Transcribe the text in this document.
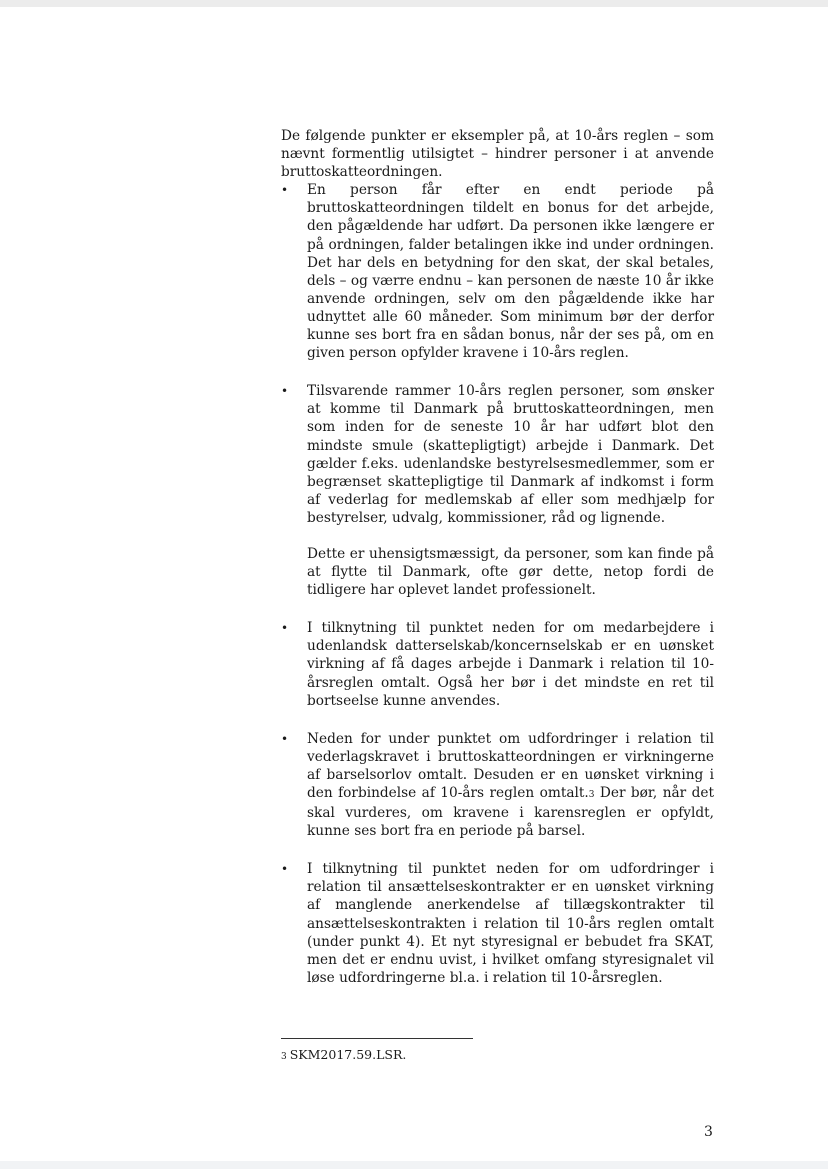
De følgende punkter er eksempler på, at 10-års reglen – som nævnt formentlig utilsigtet – hindrer personer i at anvende bruttoskatteordningen.

•	En person får efter en endt periode på bruttoskatteordningen tildelt en bonus for det arbejde, den pågældende har udført. Da personen ikke længere er på ordningen, falder betalingen ikke ind under ordningen. Det har dels en betydning for den skat, der skal betales, dels – og værre endnu – kan personen de næste 10 år ikke anvende ordningen, selv om den pågældende ikke har udnyttet alle 60 måneder. Som minimum bør der derfor kunne ses bort fra en sådan bonus, når der ses på, om en given person opfylder kravene i 10-års reglen.

•	Tilsvarende rammer 10-års reglen personer, som ønsker at komme til Danmark på bruttoskatteordningen, men som inden for de seneste 10 år har udført blot den mindste smule (skattepligtigt) arbejde i Danmark. Det gælder f.eks. udenlandske bestyrelsesmedlemmer, som er begrænset skattepligtige til Danmark af indkomst i form af vederlag for medlemskab af eller som medhjælp for bestyrelser, udvalg, kommissioner, råd og lignende.

Dette er uhensigtsmæssigt, da personer, som kan finde på at flytte til Danmark, ofte gør dette, netop fordi de tidligere har oplevet landet professionelt.

•	I tilknytning til punktet neden for om medarbejdere i udenlandsk datterselskab/koncernselskab er en uønsket virkning af få dages arbejde i Danmark i relation til 10-årsreglen omtalt. Også her bør i det mindste en ret til bortseelse kunne anvendes.

•	Neden for under punktet om udfordringer i relation til vederlagskravet i bruttoskatteordningen er virkningerne af barselsorlov omtalt. Desuden er en uønsket virkning i den forbindelse af 10-års reglen omtalt.3 Der bør, når det skal vurderes, om kravene i karensreglen er opfyldt, kunne ses bort fra en periode på barsel.

•	I tilknytning til punktet neden for om udfordringer i relation til ansættelseskontrakter er en uønsket virkning af manglende anerkendelse af tillægskontrakter til ansættelseskontrakten i relation til 10-års reglen omtalt (under punkt 4). Et nyt styresignal er bebudet fra SKAT, men det er endnu uvist, i hvilket omfang styresignalet vil løse udfordringerne bl.a. i relation til 10-årsreglen.

3 SKM2017.59.LSR.
3
